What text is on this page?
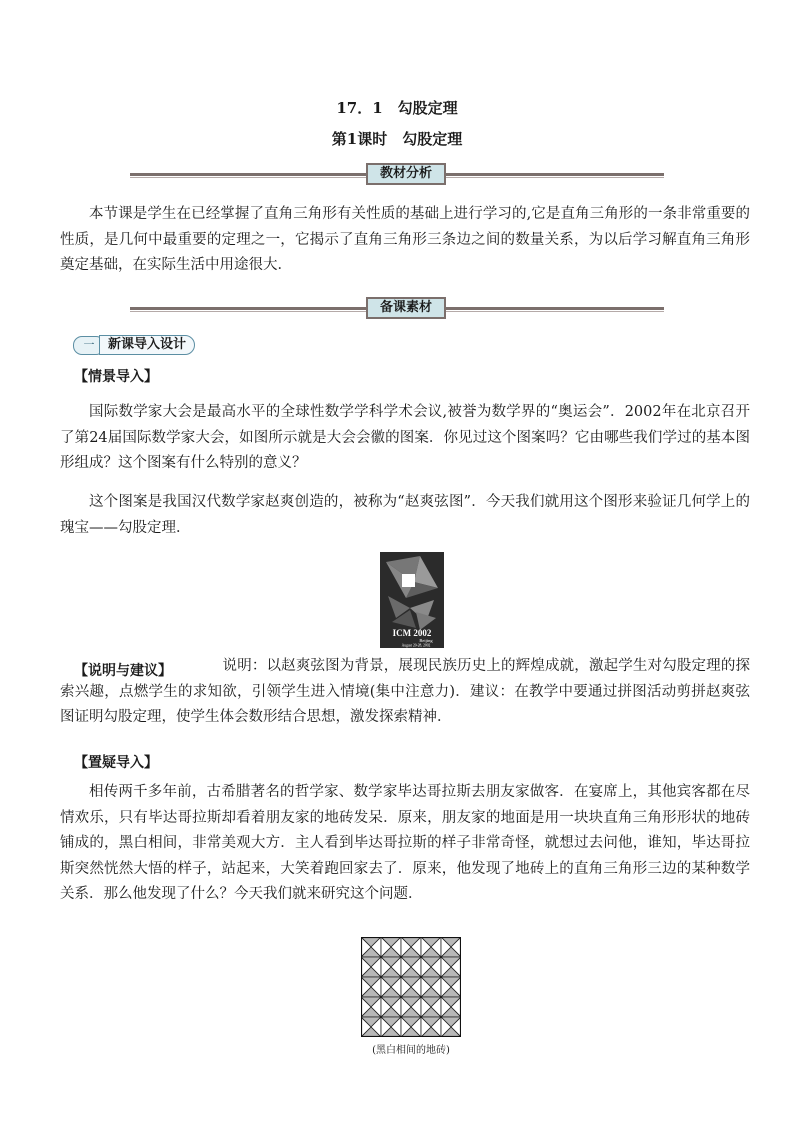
17．1　勾股定理
第1课时　勾股定理
教材分析
本节课是学生在已经掌握了直角三角形有关性质的基础上进行学习的,它是直角三角形的一条非常重要的性质，是几何中最重要的定理之一，它揭示了直角三角形三条边之间的数量关系，为以后学习解直角三角形奠定基础，在实际生活中用途很大．
备课素材
一	新课导入设计
【情景导入】
国际数学家大会是最高水平的全球性数学学科学术会议,被誉为数学界的“奥运会”．2002年在北京召开了第24届国际数学家大会，如图所示就是大会会徽的图案．你见过这个图案吗？它由哪些我们学过的基本图形组成？这个图案有什么特别的意义？
这个图案是我国汉代数学家赵爽创造的，被称为“赵爽弦图”．今天我们就用这个图形来验证几何学上的瑰宝——勾股定理．
ICM 2002
Beijing
August 20-28, 2002
【说明与建议】	　说明：以赵爽弦图为背景，展现民族历史上的辉煌成就，激起学生对勾股定理的探索兴趣，点燃学生的求知欲，引领学生进入情境(集中注意力)．建议：在教学中要通过拼图活动剪拼赵爽弦图证明勾股定理，使学生体会数形结合思想，激发探索精神．
【置疑导入】
相传两千多年前，古希腊著名的哲学家、数学家毕达哥拉斯去朋友家做客．在宴席上，其他宾客都在尽情欢乐，只有毕达哥拉斯却看着朋友家的地砖发呆．原来，朋友家的地面是用一块块直角三角形形状的地砖铺成的，黑白相间，非常美观大方．主人看到毕达哥拉斯的样子非常奇怪，就想过去问他，谁知，毕达哥拉斯突然恍然大悟的样子，站起来，大笑着跑回家去了．原来，他发现了地砖上的直角三角形三边的某种数学关系．那么他发现了什么？今天我们就来研究这个问题．
(黑白相间的地砖)
